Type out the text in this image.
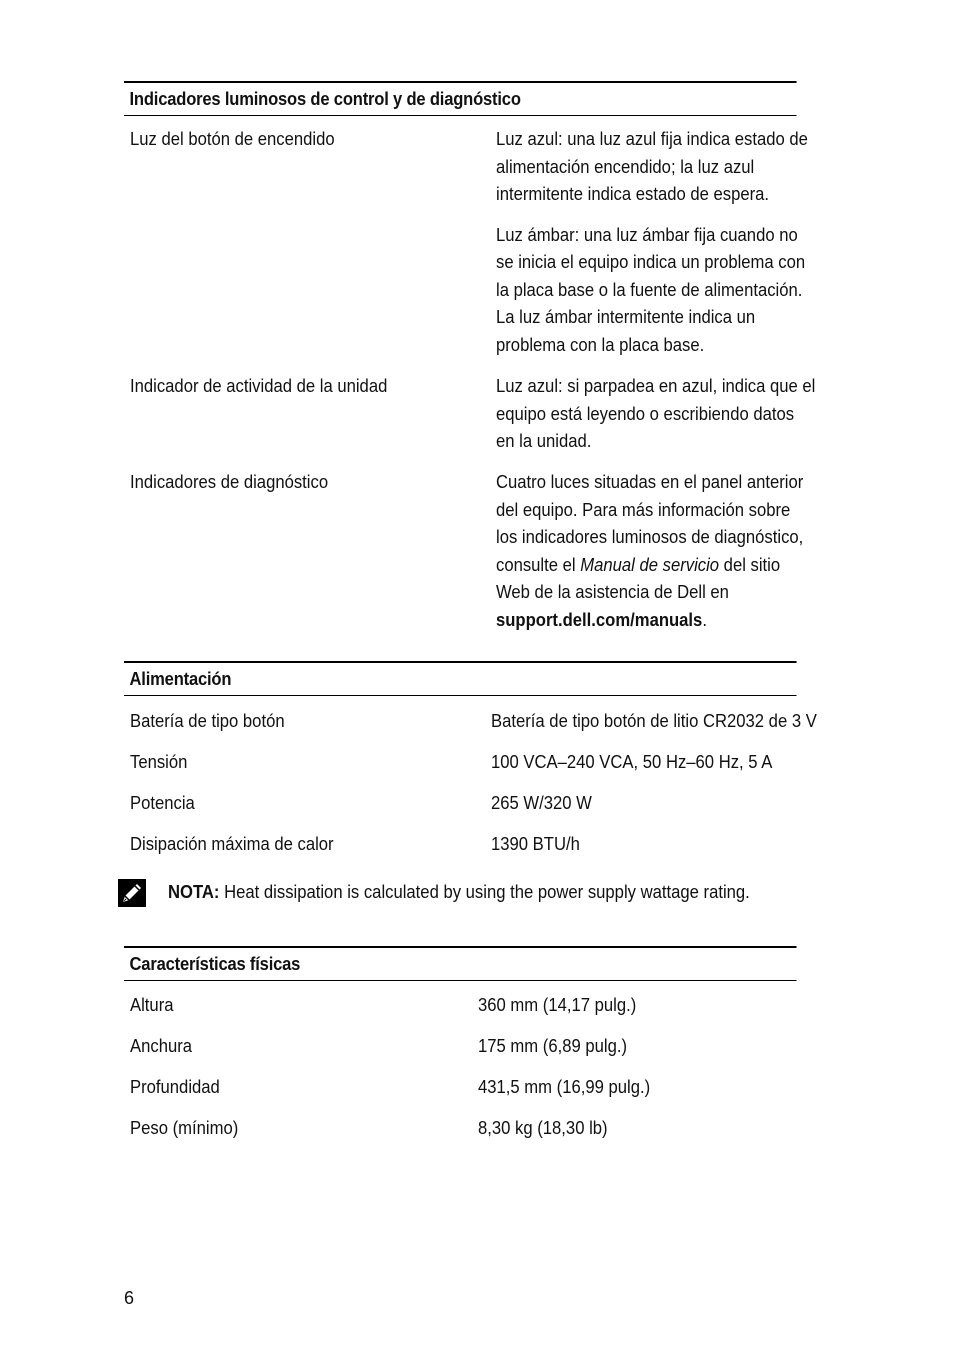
Indicadores luminosos de control y de diagnóstico
Luz del botón de encendido	Luz azul: una luz azul fija indica estado de
alimentación encendido; la luz azul
intermitente indica estado de espera.
Luz ámbar: una luz ámbar fija cuando no
se inicia el equipo indica un problema con
la placa base o la fuente de alimentación.
La luz ámbar intermitente indica un
problema con la placa base.
Indicador de actividad de la unidad	Luz azul: si parpadea en azul, indica que el
equipo está leyendo o escribiendo datos
en la unidad.
Indicadores de diagnóstico	Cuatro luces situadas en el panel anterior
del equipo. Para más información sobre
los indicadores luminosos de diagnóstico,
consulte el Manual de servicio del sitio
Web de la asistencia de Dell en
support.dell.com/manuals.
Alimentación
Batería de tipo botón	Batería de tipo botón de litio CR2032 de 3 V
Tensión	100 VCA–240 VCA, 50 Hz–60 Hz, 5 A
Potencia	265 W/320 W
Disipación máxima de calor	1390 BTU/h
NOTA: Heat dissipation is calculated by using the power supply wattage rating.
Características físicas
Altura	360 mm (14,17 pulg.)
Anchura	175 mm (6,89 pulg.)
Profundidad	431,5 mm (16,99 pulg.)
Peso (mínimo)	8,30 kg (18,30 lb)
6
